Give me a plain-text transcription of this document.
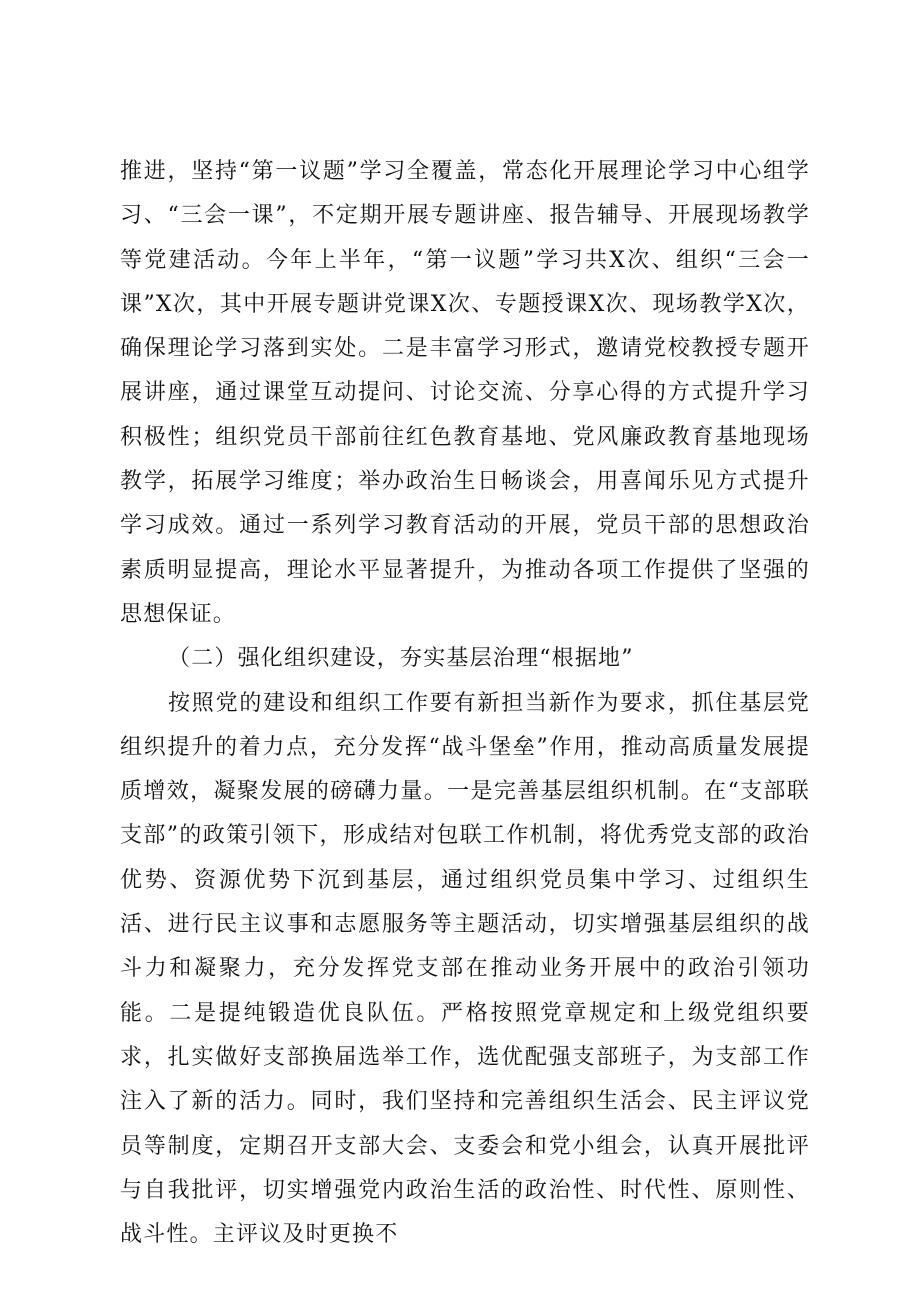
推进，坚持“第一议题”学习全覆盖，常态化开展理论学习中心组学习、“三会一课”，不定期开展专题讲座、报告辅导、开展现场教学等党建活动。今年上半年，“第一议题”学习共X次、组织“三会一课”X次，其中开展专题讲党课X次、专题授课X次、现场教学X次，确保理论学习落到实处。二是丰富学习形式，邀请党校教授专题开展讲座，通过课堂互动提问、讨论交流、分享心得的方式提升学习积极性；组织党员干部前往红色教育基地、党风廉政教育基地现场教学，拓展学习维度；举办政治生日畅谈会，用喜闻乐见方式提升学习成效。通过一系列学习教育活动的开展，党员干部的思想政治素质明显提高，理论水平显著提升，为推动各项工作提供了坚强的思想保证。

（二）强化组织建设，夯实基层治理“根据地”

按照党的建设和组织工作要有新担当新作为要求，抓住基层党组织提升的着力点，充分发挥“战斗堡垒”作用，推动高质量发展提质增效，凝聚发展的磅礴力量。一是完善基层组织机制。在“支部联支部”的政策引领下，形成结对包联工作机制，将优秀党支部的政治优势、资源优势下沉到基层，通过组织党员集中学习、过组织生活、进行民主议事和志愿服务等主题活动，切实增强基层组织的战斗力和凝聚力，充分发挥党支部在推动业务开展中的政治引领功能。二是提纯锻造优良队伍。严格按照党章规定和上级党组织要求，扎实做好支部换届选举工作，选优配强支部班子，为支部工作注入了新的活力。同时，我们坚持和完善组织生活会、民主评议党员等制度，定期召开支部大会、支委会和党小组会，认真开展批评与自我批评，切实增强党内政治生活的政治性、时代性、原则性、战斗性。主评议及时更换不
